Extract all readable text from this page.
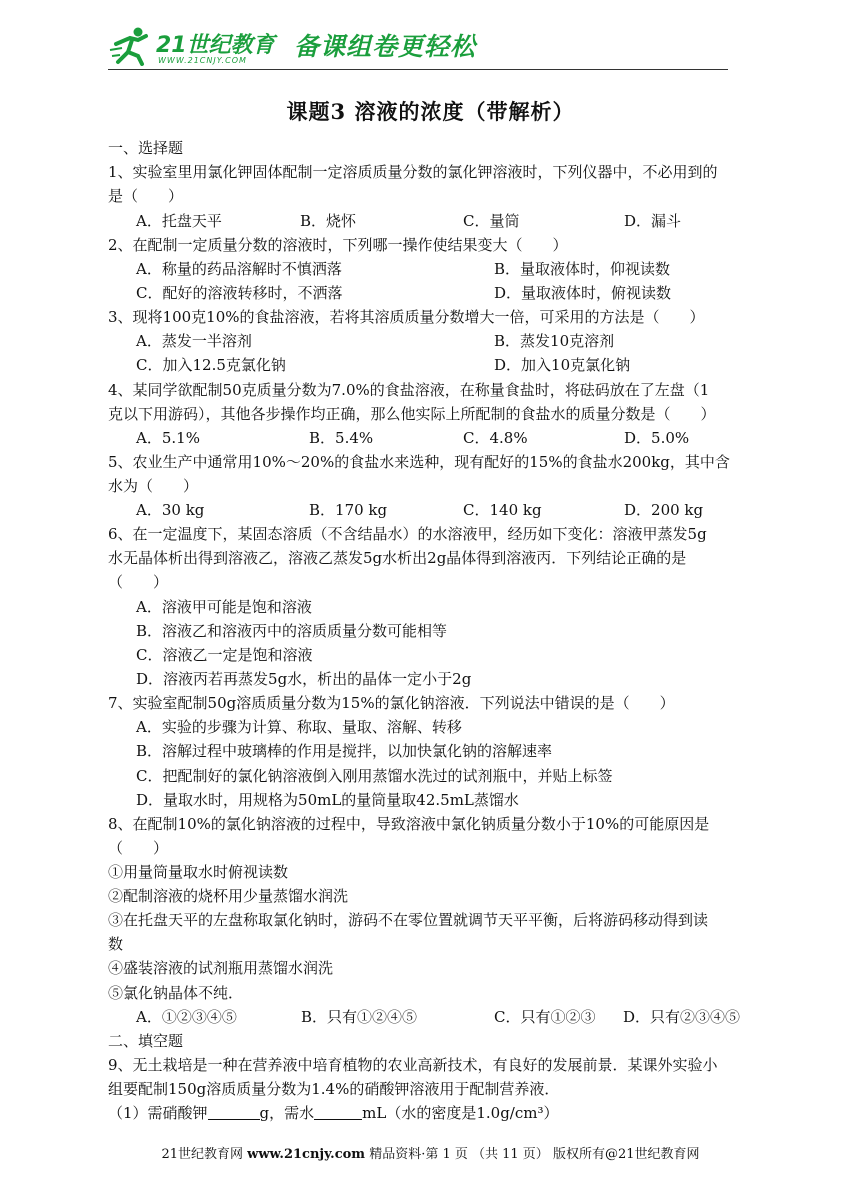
21世纪教育
WWW.21CNJY.COM 备课组卷更轻松
课题3 溶液的浓度（带解析）
一、选择题
1、实验室里用氯化钾固体配制一定溶质质量分数的氯化钾溶液时，下列仪器中，不必用到的
是（　　）
A．托盘天平	B．烧怀	C．量筒	D．漏斗
2、在配制一定质量分数的溶液时，下列哪一操作使结果变大（　　）
A．称量的药品溶解时不慎洒落	B．量取液体时，仰视读数
C．配好的溶液转移时，不洒落	D．量取液体时，俯视读数
3、现将100克10%的食盐溶液，若将其溶质质量分数增大一倍，可采用的方法是（　　）
A．蒸发一半溶剂	B．蒸发10克溶剂
C．加入12.5克氯化钠	D．加入10克氯化钠
4、某同学欲配制50克质量分数为7.0%的食盐溶液，在称量食盐时，将砝码放在了左盘（1
克以下用游码），其他各步操作均正确，那么他实际上所配制的食盐水的质量分数是（　　）
A．5.1%	B．5.4%	C．4.8%	D．5.0%
5、农业生产中通常用10%～20%的食盐水来选种，现有配好的15%的食盐水200kg，其中含
水为（　　）
A．30 kg	B．170 kg	C．140 kg	D．200 kg
6、在一定温度下，某固态溶质（不含结晶水）的水溶液甲，经历如下变化：溶液甲蒸发5g
水无晶体析出得到溶液乙，溶液乙蒸发5g水析出2g晶体得到溶液丙．下列结论正确的是
（　　）
A．溶液甲可能是饱和溶液
B．溶液乙和溶液丙中的溶质质量分数可能相等
C．溶液乙一定是饱和溶液
D．溶液丙若再蒸发5g水，析出的晶体一定小于2g
7、实验室配制50g溶质质量分数为15%的氯化钠溶液．下列说法中错误的是（　　）
A．实验的步骤为计算、称取、量取、溶解、转移
B．溶解过程中玻璃棒的作用是搅拌，以加快氯化钠的溶解速率
C．把配制好的氯化钠溶液倒入刚用蒸馏水洗过的试剂瓶中，并贴上标签
D．量取水时，用规格为50mL的量筒量取42.5mL蒸馏水
8、在配制10%的氯化钠溶液的过程中，导致溶液中氯化钠质量分数小于10%的可能原因是
（　　）
①用量筒量取水时俯视读数
②配制溶液的烧杯用少量蒸馏水润洗
③在托盘天平的左盘称取氯化钠时，游码不在零位置就调节天平平衡，后将游码移动得到读
数
④盛装溶液的试剂瓶用蒸馏水润洗
⑤氯化钠晶体不纯．
A．①②③④⑤	B．只有①②④⑤	C．只有①②③ D．只有②③④⑤
二、填空题
9、无土栽培是一种在营养液中培育植物的农业高新技术，有良好的发展前景．某课外实验小
组要配制150g溶质质量分数为1.4%的硝酸钾溶液用于配制营养液．
（1）需硝酸钾	g，需水	mL（水的密度是1.0g/cm³）
21世纪教育网 www.21cnjy.com 精品资料·第 1 页 （共 11 页） 版权所有@21世纪教育网
